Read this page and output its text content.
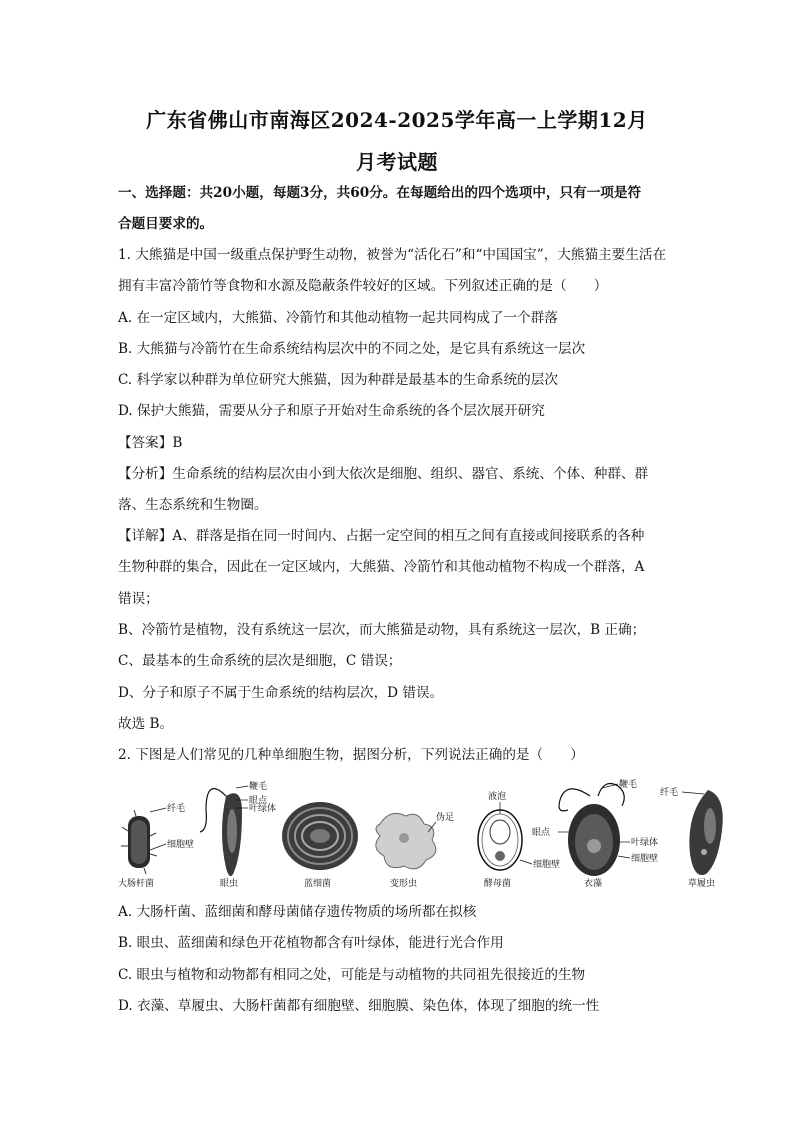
广东省佛山市南海区2024-2025学年高一上学期12月
月考试题
一、选择题：共20小题，每题3分，共60分。在每题给出的四个选项中，只有一项是符
合题目要求的。
1. 大熊猫是中国一级重点保护野生动物，被誉为“活化石”和“中国国宝”，大熊猫主要生活在
拥有丰富冷箭竹等食物和水源及隐蔽条件较好的区域。下列叙述正确的是（　　）
A. 在一定区域内，大熊猫、冷箭竹和其他动植物一起共同构成了一个群落
B. 大熊猫与冷箭竹在生命系统结构层次中的不同之处，是它具有系统这一层次
C. 科学家以种群为单位研究大熊猫，因为种群是最基本的生命系统的层次
D. 保护大熊猫，需要从分子和原子开始对生命系统的各个层次展开研究
【答案】B
【分析】生命系统的结构层次由小到大依次是细胞、组织、器官、系统、个体、种群、群
落、生态系统和生物圈。
【详解】A、群落是指在同一时间内、占据一定空间的相互之间有直接或间接联系的各种
生物种群的集合，因此在一定区域内，大熊猫、冷箭竹和其他动植物不构成一个群落，A
错误；
B、冷箭竹是植物，没有系统这一层次，而大熊猫是动物，具有系统这一层次，B 正确；
C、最基本的生命系统的层次是细胞，C 错误；
D、分子和原子不属于生命系统的结构层次，D 错误。
故选 B。
2. 下图是人们常见的几种单细胞生物，据图分析，下列说法正确的是（　　）
纤毛
细胞壁
大肠杆菌
鞭毛
眼点
叶绿体
眼虫	蓝细菌
伪足
变形虫
液泡
细胞壁
酵母菌
鞭毛
眼点
叶绿体
细胞壁
衣藻
纤毛
草履虫
A. 大肠杆菌、蓝细菌和酵母菌储存遗传物质的场所都在拟核
B. 眼虫、蓝细菌和绿色开花植物都含有叶绿体，能进行光合作用
C. 眼虫与植物和动物都有相同之处，可能是与动植物的共同祖先很接近的生物
D. 衣藻、草履虫、大肠杆菌都有细胞壁、细胞膜、染色体，体现了细胞的统一性
